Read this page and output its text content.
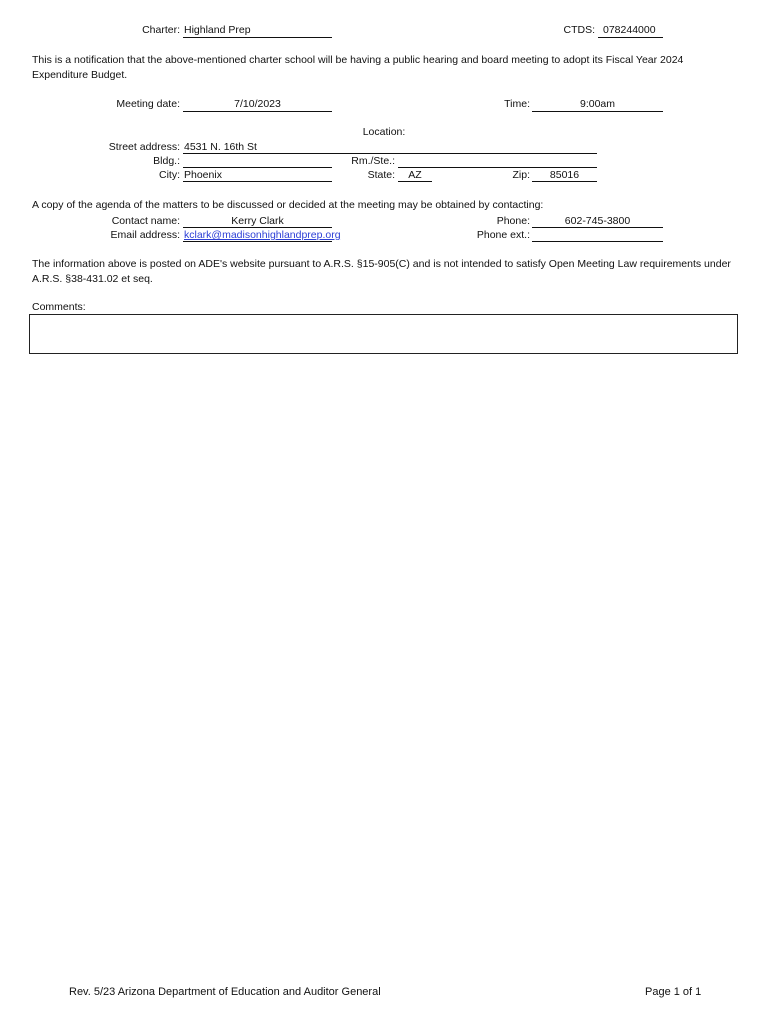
Charter: Highland Prep	CTDS: 078244000
This is a notification that the above-mentioned charter school will be having a public hearing and board meeting to adopt its Fiscal Year 2024 Expenditure Budget.
Meeting date:	7/10/2023	Time:	9:00am
Location:
Street address: 4531 N. 16th St
Bldg.:	Rm./Ste.:
City: Phoenix	State:	AZ	Zip:	85016
A copy of the agenda of the matters to be discussed or decided at the meeting may be obtained by contacting:
Contact name:	Kerry Clark	Phone:	602-745-3800
Email address: kclark@madisonhighlandprep.org	Phone ext.:
The information above is posted on ADE's website pursuant to A.R.S. §15-905(C) and is not intended to satisfy Open Meeting Law requirements under A.R.S. §38-431.02 et seq.
Comments:
Rev. 5/23 Arizona Department of Education and Auditor General	Page 1 of 1
